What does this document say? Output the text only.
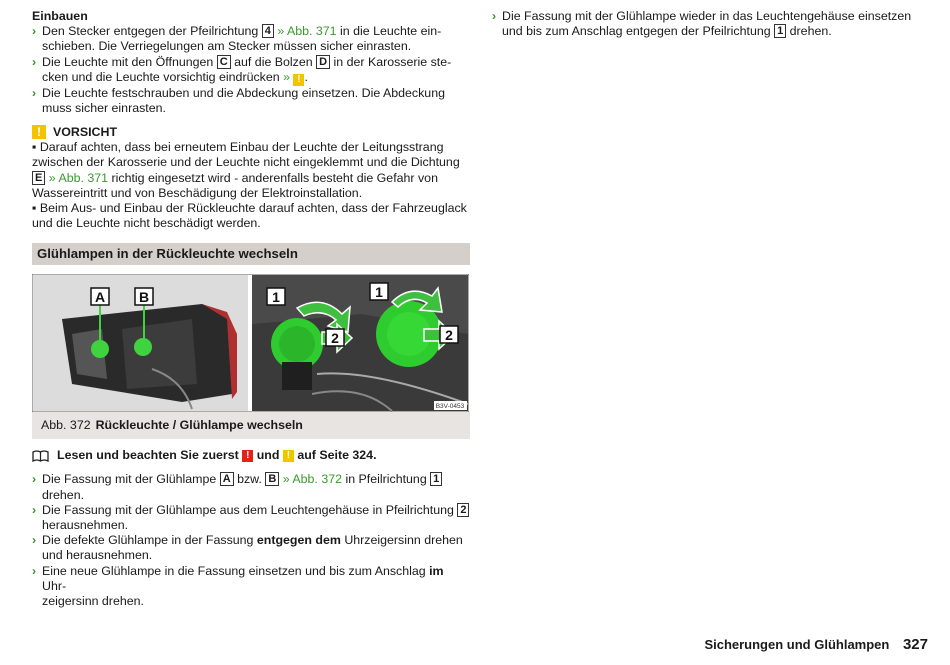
Einbauen
› Den Stecker entgegen der Pfeilrichtung 4 » Abb. 371 in die Leuchte ein-
schieben. Die Verriegelungen am Stecker müssen sicher einrasten.
› Die Leuchte mit den Öffnungen C auf die Bolzen D in der Karosserie ste-
cken und die Leuchte vorsichtig eindrücken » ! .
› Die Leuchte festschrauben und die Abdeckung einsetzen. Die Abdeckung
muss sicher einrasten.
! VORSICHT
▪ Darauf achten, dass bei erneutem Einbau der Leuchte der Leitungsstrang
zwischen der Karosserie und der Leuchte nicht eingeklemmt und die Dichtung
E » Abb. 371 richtig eingesetzt wird - anderenfalls besteht die Gefahr von
Wassereintritt und von Beschädigung der Elektroinstallation.
▪ Beim Aus- und Einbau der Rückleuchte darauf achten, dass der Fahrzeuglack
und die Leuchte nicht beschädigt werden.
Glühlampen in der Rückleuchte wechseln
A B	1
2
1
2
B3V-0453
Abb. 372 Rückleuchte / Glühlampe wechseln
Lesen und beachten Sie zuerst
!
und
!
auf Seite 324.
› Die Fassung mit der Glühlampe A bzw. B » Abb. 372 in Pfeilrichtung 1
drehen.
› Die Fassung mit der Glühlampe aus dem Leuchtengehäuse in Pfeilrichtung 2
herausnehmen.
› Die defekte Glühlampe in der Fassung entgegen dem Uhrzeigersinn drehen
und herausnehmen.
› Eine neue Glühlampe in die Fassung einsetzen und bis zum Anschlag im Uhr-
zeigersinn drehen.
› Die Fassung mit der Glühlampe wieder in das Leuchtengehäuse einsetzen
und bis zum Anschlag entgegen der Pfeilrichtung 1 drehen.
Sicherungen und Glühlampen 327
